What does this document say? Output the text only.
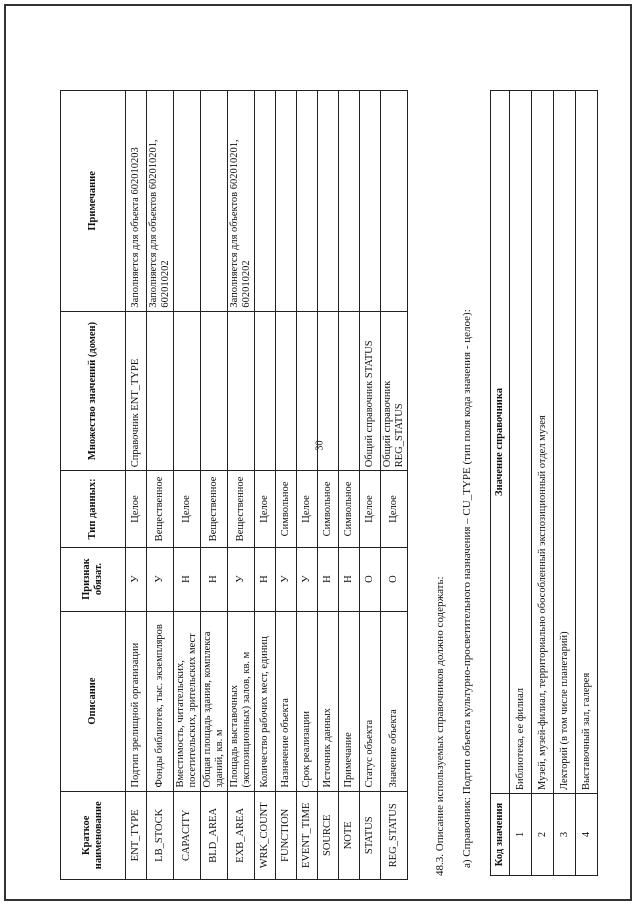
30
Краткое наименование	Описание	Признак обязат.	Тип данных:	Множество значений (домен)	Примечание
ENT_TYPE	Подтип зрелищной организации	У	Целое	Справочник ENT_TYPE	Заполняется для объекта 602010203
LB_STOCK	Фонды библиотек, тыс. экземпляров	У	Вещественное		Заполняется для объектов 602010201, 602010202
CAPACITY	Вместимость, читательских, посетительских, зрительских мест	Н	Целое		
BLD_AREA	Общая площадь здания, комплекса зданий, кв. м	Н	Вещественное		
EXB_AREA	Площадь выставочных (экспозиционных) залов, кв. м	У	Вещественное		Заполняется для объектов 602010201, 602010202
WRK_COUNT	Количество рабочих мест, единиц	Н	Целое		
FUNCTION	Назначение объекта	У	Символьное		
EVENT_TIME	Срок реализации	У	Целое		
SOURCE	Источник данных	Н	Символьное		
NOTE	Примечание	Н	Символьное		
STATUS	Статус объекта	О	Целое	Общий справочник STATUS	
REG_STATUS	Значение объекта	О	Целое	Общий справочник REG_STATUS	
48.3. Описание используемых справочников должно содержать: а) Справочник: Подтип объекта культурно-просветительного назначения – CU_TYPE (тип поля кода значения - целое): Код значения	Значение справочника
1	Библиотека, ее филиал
2	Музей, музей-филиал, территориально обособленный экспозиционный отдел музея
3	Лекторий (в том числе планетарий)
4	Выставочный зал, галерея
